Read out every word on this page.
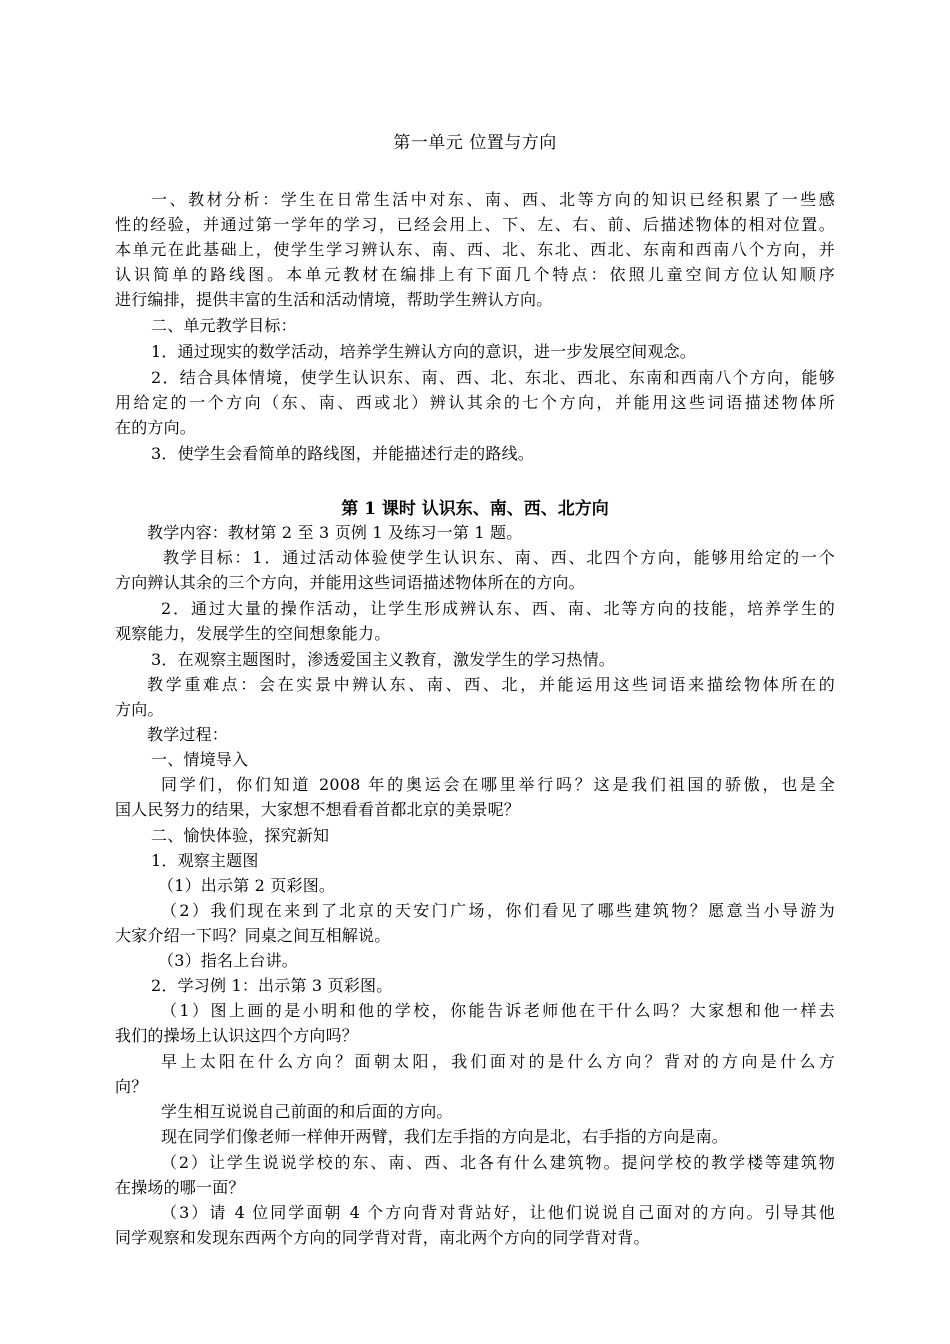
第一单元 位置与方向
一、教材分析：学生在日常生活中对东、南、西、北等方向的知识已经积累了一些感
性的经验，并通过第一学年的学习，已经会用上、下、左、右、前、后描述物体的相对位置。
本单元在此基础上，使学生学习辨认东、南、西、北、东北、西北、东南和西南八个方向，并
认识简单的路线图。本单元教材在编排上有下面几个特点：依照儿童空间方位认知顺序
进行编排，提供丰富的生活和活动情境，帮助学生辨认方向。
二、单元教学目标：
1．通过现实的数学活动，培养学生辨认方向的意识，进一步发展空间观念。
2．结合具体情境，使学生认识东、南、西、北、东北、西北、东南和西南八个方向，能够
用给定的一个方向（东、南、西或北）辨认其余的七个方向，并能用这些词语描述物体所
在的方向。
3．使学生会看简单的路线图，并能描述行走的路线。
第 1 课时 认识东、南、西、北方向
教学内容：教材第 2 至 3 页例 1 及练习一第 1 题。
教学目标：1．通过活动体验使学生认识东、南、西、北四个方向，能够用给定的一个
方向辨认其余的三个方向，并能用这些词语描述物体所在的方向。
2．通过大量的操作活动，让学生形成辨认东、西、南、北等方向的技能，培养学生的
观察能力，发展学生的空间想象能力。
3．在观察主题图时，渗透爱国主义教育，激发学生的学习热情。
教学重难点：会在实景中辨认东、南、西、北，并能运用这些词语来描绘物体所在的
方向。
教学过程：
一、情境导入
同学们，你们知道 2008 年的奥运会在哪里举行吗？这是我们祖国的骄傲，也是全
国人民努力的结果，大家想不想看看首都北京的美景呢？
二、愉快体验，探究新知
1．观察主题图
（1）出示第 2 页彩图。
（2）我们现在来到了北京的天安门广场，你们看见了哪些建筑物？愿意当小导游为
大家介绍一下吗？同桌之间互相解说。
（3）指名上台讲。
2．学习例 1：出示第 3 页彩图。
（1）图上画的是小明和他的学校，你能告诉老师他在干什么吗？大家想和他一样去
我们的操场上认识这四个方向吗？
早上太阳在什么方向？面朝太阳，我们面对的是什么方向？背对的方向是什么方
向？
学生相互说说自己前面的和后面的方向。
现在同学们像老师一样伸开两臂，我们左手指的方向是北，右手指的方向是南。
（2）让学生说说学校的东、南、西、北各有什么建筑物。提问学校的教学楼等建筑物
在操场的哪一面？
（3）请 4 位同学面朝 4 个方向背对背站好，让他们说说自己面对的方向。引导其他
同学观察和发现东西两个方向的同学背对背，南北两个方向的同学背对背。
